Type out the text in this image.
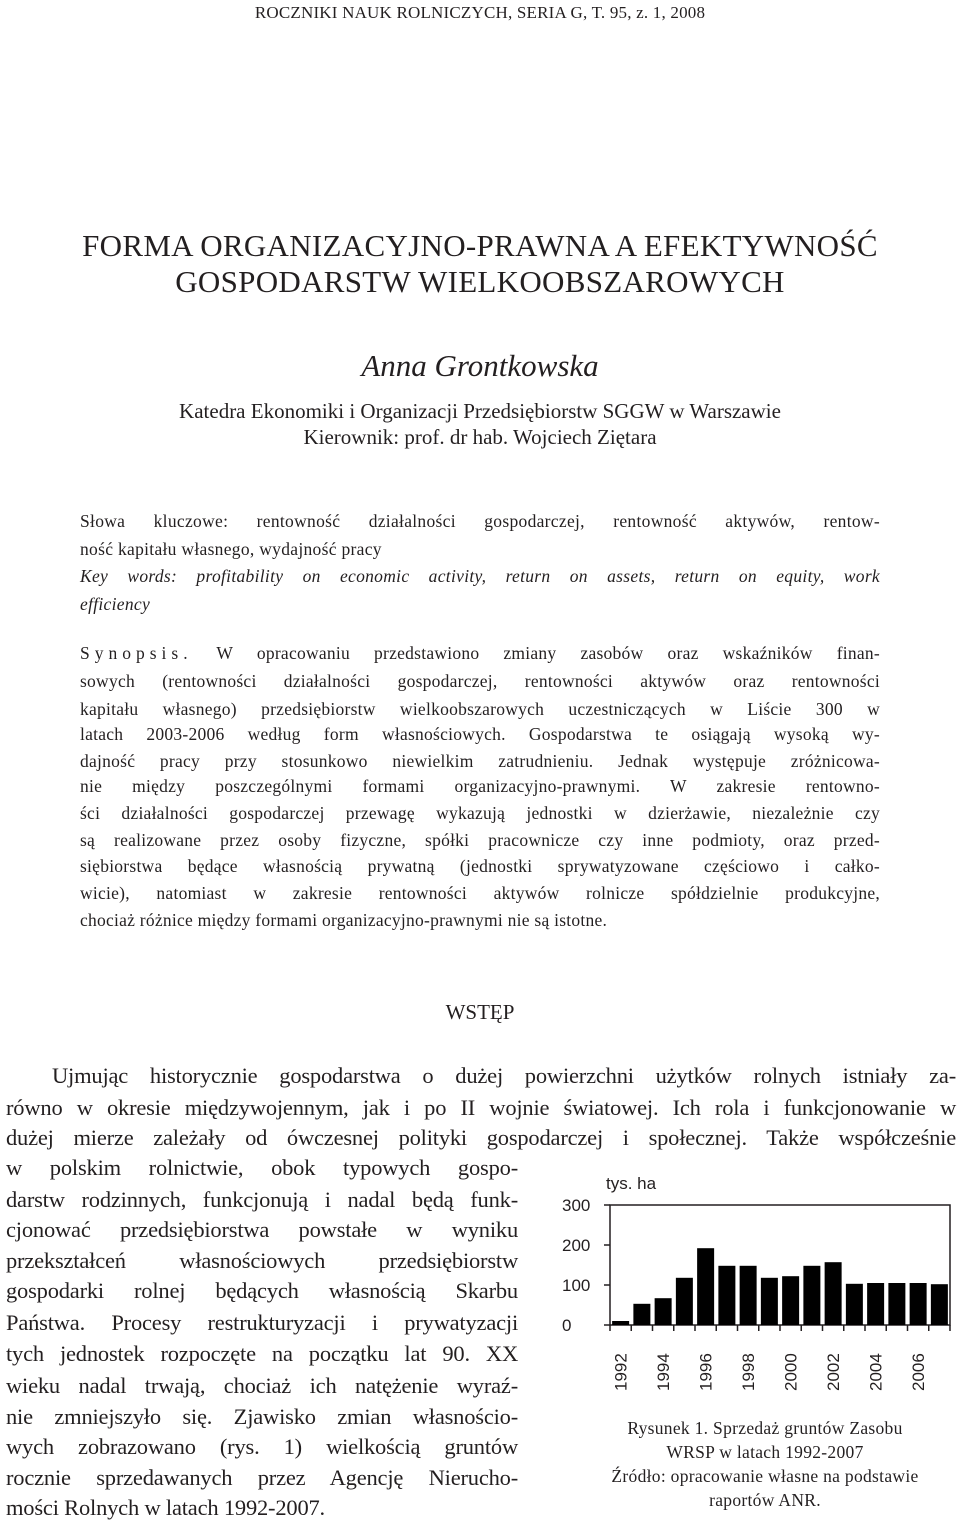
ROCZNIKI NAUK ROLNICZYCH, SERIA G, T. 95, z. 1, 2008
FORMA ORGANIZACYJNO-PRAWNA A EFEKTYWNOŚĆ
GOSPODARSTW WIELKOOBSZAROWYCH
Anna Grontkowska
Katedra Ekonomiki i Organizacji Przedsiębiorstw SGGW w Warszawie
Kierownik: prof. dr hab. Wojciech Ziętara
Słowa kluczowe: rentowność działalności gospodarczej, rentowność aktywów, rentow-
ność kapitału własnego, wydajność pracy
Key words: profitability on economic activity, return on assets, return on equity, work
efficiency
Synopsis. W opracowaniu przedstawiono zmiany zasobów oraz wskaźników finan-
sowych (rentowności działalności gospodarczej, rentowności aktywów oraz rentowności
kapitału własnego) przedsiębiorstw wielkoobszarowych uczestniczących w Liście 300 w
latach 2003-2006 według form własnościowych. Gospodarstwa te osiągają wysoką wy-
dajność pracy przy stosunkowo niewielkim zatrudnieniu. Jednak występuje zróżnicowa-
nie między poszczególnymi formami organizacyjno-prawnymi. W zakresie rentowno-
ści działalności gospodarczej przewagę wykazują jednostki w dzierżawie, niezależnie czy
są realizowane przez osoby fizyczne, spółki pracownicze czy inne podmioty, oraz przed-
siębiorstwa będące własnością prywatną (jednostki sprywatyzowane częściowo i całko-
wicie), natomiast w zakresie rentowności aktywów rolnicze spółdzielnie produkcyjne,
chociaż różnice między formami organizacyjno-prawnymi nie są istotne.
WSTĘP
Ujmując historycznie gospodarstwa o dużej powierzchni użytków rolnych istniały za-
równo w okresie międzywojennym, jak i po II wojnie światowej. Ich rola i funkcjonowanie w
dużej mierze zależały od ówczesnej polityki gospodarczej i społecznej. Także współcześnie
w polskim rolnictwie, obok typowych gospo-
darstw rodzinnych, funkcjonują i nadal będą funk-
cjonować przedsiębiorstwa powstałe w wyniku
przekształceń własnościowych przedsiębiorstw
gospodarki rolnej będących własnością Skarbu
Państwa. Procesy restrukturyzacji i prywatyzacji
tych jednostek rozpoczęte na początku lat 90. XX
wieku nadal trwają, chociaż ich natężenie wyraź-
nie zmniejszyło się. Zjawisko zmian własnościo-
wych zobrazowano (rys. 1) wielkością gruntów
rocznie sprzedawanych przez Agencję Nierucho-
mości Rolnych w latach 1992-2007.
tys. ha
0
100
200
300
1992 1994 1996 1998 2000 2002 2004 2006
Rysunek 1. Sprzedaż gruntów Zasobu
WRSP w latach 1992-2007
Źródło: opracowanie własne na podstawie
raportów ANR.
